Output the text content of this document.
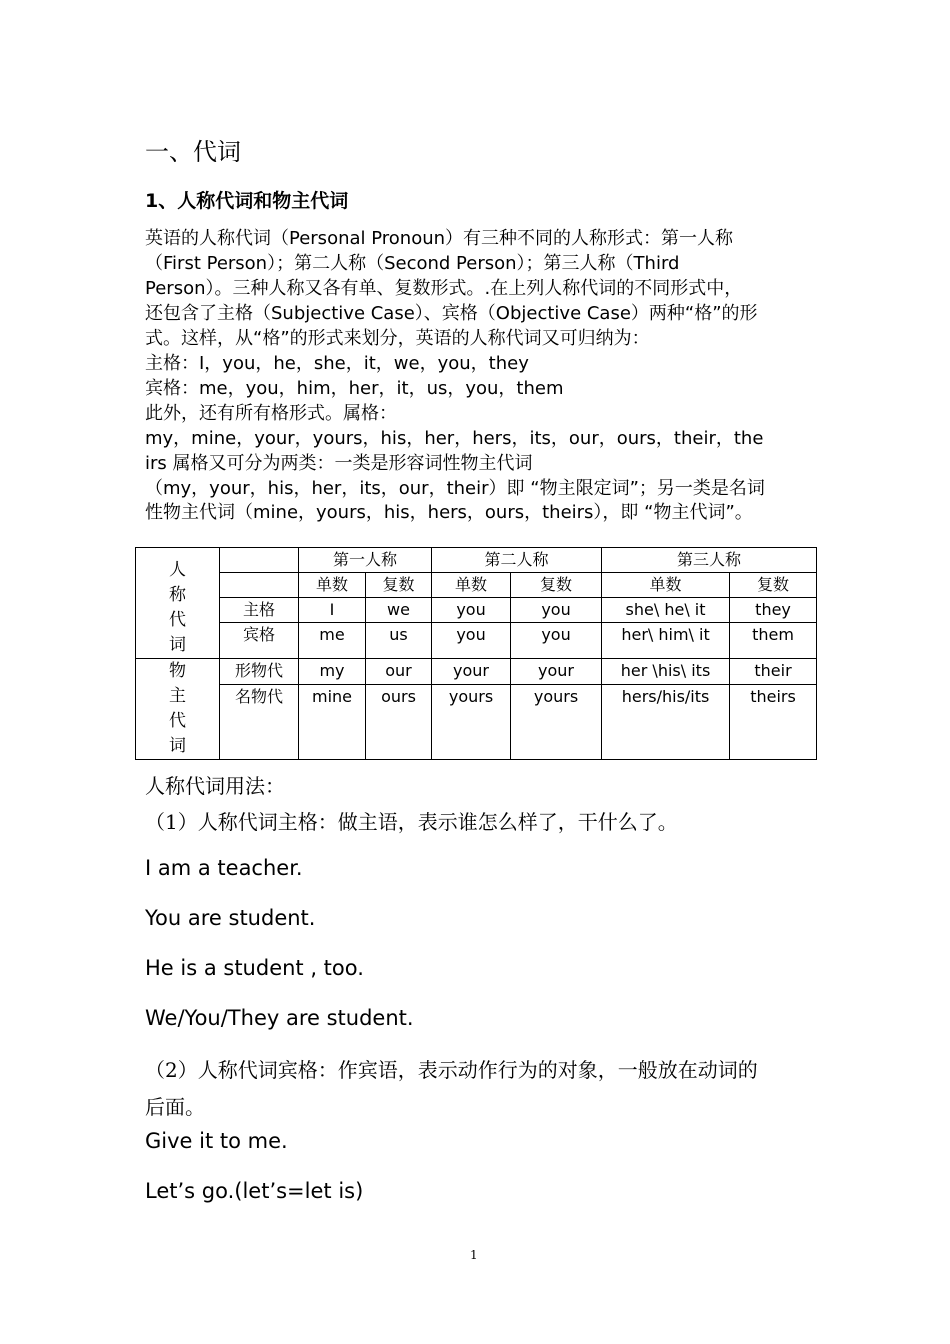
一、代词
1、人称代词和物主代词
英语的人称代词（Personal Pronoun）有三种不同的人称形式：第一人称
（First Person）；第二人称（Second Person）；第三人称（Third
Person）。三种人称又各有单、复数形式。.在上列人称代词的不同形式中，
还包含了主格（Subjective Case）、宾格（Objective Case）两种“格”的形
式。这样，从“格”的形式来划分，英语的人称代词又可归纳为：
主格：I，you，he，she，it，we，you，they
宾格：me，you，him，her，it，us，you，them
此外，还有所有格形式。属格：
my，mine，your，yours，his，her，hers，its，our，ours，their，the
irs 属格又可分为两类：一类是形容词性物主代词
（my，your，his，her，its，our，their）即 “物主限定词”；另一类是名词
性物主代词（mine，yours，his，hers，ours，theirs），即 “物主代词”。
人
称
代
词		第一人称		第二人称		第三人称	
		单数	复数	单数	复数	单数	复数
	主格	I	we	you	you	she\ he\ it	they
	宾格	me	us	you	you	her\ him\ it	them

物
主
代
词	形物代	my	our	your	your	her \his\ its	their
	名物代	mine	ours	yours	yours	hers/his/its	theirs
人称代词用法：
（1）人称代词主格：做主语，表示谁怎么样了，干什么了。
I am a teacher.
You are student.
He is a student , too.
We/You/They are student.
（2）人称代词宾格：作宾语，表示动作行为的对象，一般放在动词的
后面。
Give it to me.
Let’s go.(let’s=let is)
1
